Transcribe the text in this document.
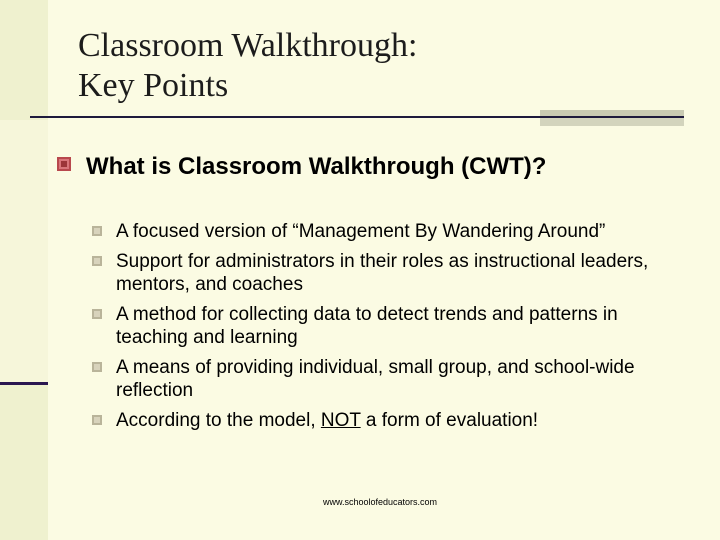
Classroom Walkthrough:
Key Points
What is Classroom Walkthrough (CWT)?
A focused version of “Management By Wandering Around”
Support for administrators in their roles as instructional leaders, mentors, and coaches
A method for collecting data to detect trends and patterns in teaching and learning
A means of providing individual, small group, and school-wide reflection
According to the model, NOT a form of evaluation!
www.schoolofeducators.com
